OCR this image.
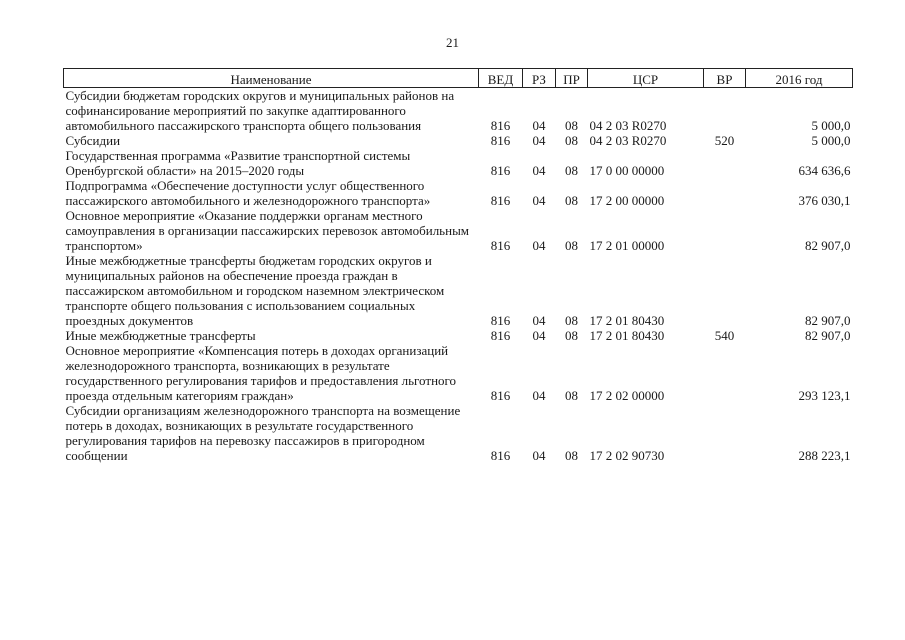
21
Наименование	ВЕД	РЗ	ПР	ЦСР	ВР	2016 год
Субсидии бюджетам городских округов и муниципальных районов на софинансирование мероприятий по закупке адаптированного автомобильного пассажирского транспорта общего пользования	816	04	08	04 2 03 R0270		5 000,0
Субсидии	816	04	08	04 2 03 R0270	520	5 000,0
Государственная программа «Развитие транспортной системы Оренбургской области» на 2015–2020 годы	816	04	08	17 0 00 00000		634 636,6
Подпрограмма «Обеспечение доступности услуг общественного пассажирского автомобильного и железнодорожного транспорта»	816	04	08	17 2 00 00000		376 030,1
Основное мероприятие «Оказание поддержки органам местного самоуправления в организации пассажирских перевозок автомобильным транспортом»	816	04	08	17 2 01 00000		82 907,0
Иные межбюджетные трансферты бюджетам городских округов и муниципальных районов на обеспечение проезда граждан в пассажирском автомобильном и городском наземном электрическом транспорте общего пользования с использованием социальных проездных документов	816	04	08	17 2 01 80430		82 907,0
Иные межбюджетные трансферты	816	04	08	17 2 01 80430	540	82 907,0
Основное мероприятие «Компенсация потерь в доходах организаций железнодорожного транспорта, возникающих в результате государственного регулирования тарифов и предоставления льготного проезда отдельным категориям граждан»	816	04	08	17 2 02 00000		293 123,1
Субсидии организациям железнодорожного транспорта на возмещение потерь в доходах, возникающих в результате государственного регулирования тарифов на перевозку пассажиров в пригородном сообщении	816	04	08	17 2 02 90730		288 223,1
